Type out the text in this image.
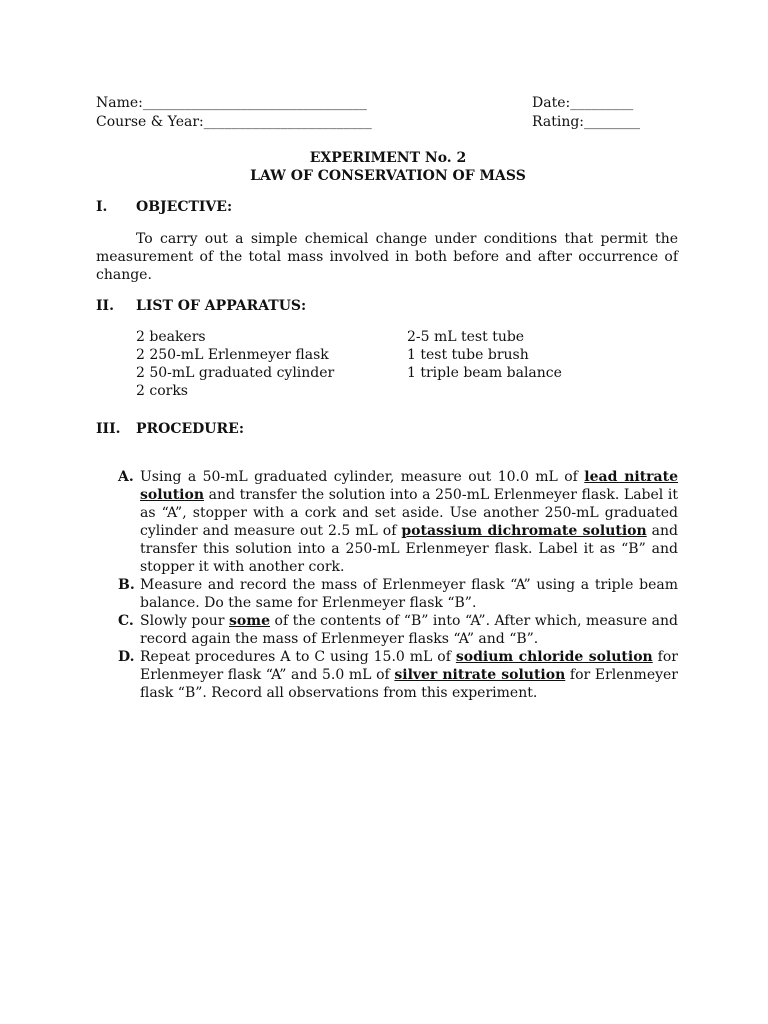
Name:________________________________	Date:_________
Course & Year:________________________	Rating:________
EXPERIMENT No. 2
LAW OF CONSERVATION OF MASS
I. OBJECTIVE:
To carry out a simple chemical change under conditions that permit the measurement of the total mass involved in both before and after occurrence of change.
II. LIST OF APPARATUS:
2 beakers
2 250-mL Erlenmeyer flask
2 50-mL graduated cylinder
2 corks
2-5 mL test tube
1 test tube brush
1 triple beam balance
III. PROCEDURE:
A. Using a 50-mL graduated cylinder, measure out 10.0 mL of lead nitrate solution and transfer the solution into a 250-mL Erlenmeyer flask. Label it as “A”, stopper with a cork and set aside. Use another 250-mL graduated cylinder and measure out 2.5 mL of potassium dichromate solution and transfer this solution into a 250-mL Erlenmeyer flask. Label it as “B” and stopper it with another cork.
B. Measure and record the mass of Erlenmeyer flask “A” using a triple beam balance. Do the same for Erlenmeyer flask “B”.
C. Slowly pour some of the contents of “B” into “A”. After which, measure and record again the mass of Erlenmeyer flasks “A” and “B”.
D. Repeat procedures A to C using 15.0 mL of sodium chloride solution for Erlenmeyer flask “A” and 5.0 mL of silver nitrate solution for Erlenmeyer flask “B”. Record all observations from this experiment.
